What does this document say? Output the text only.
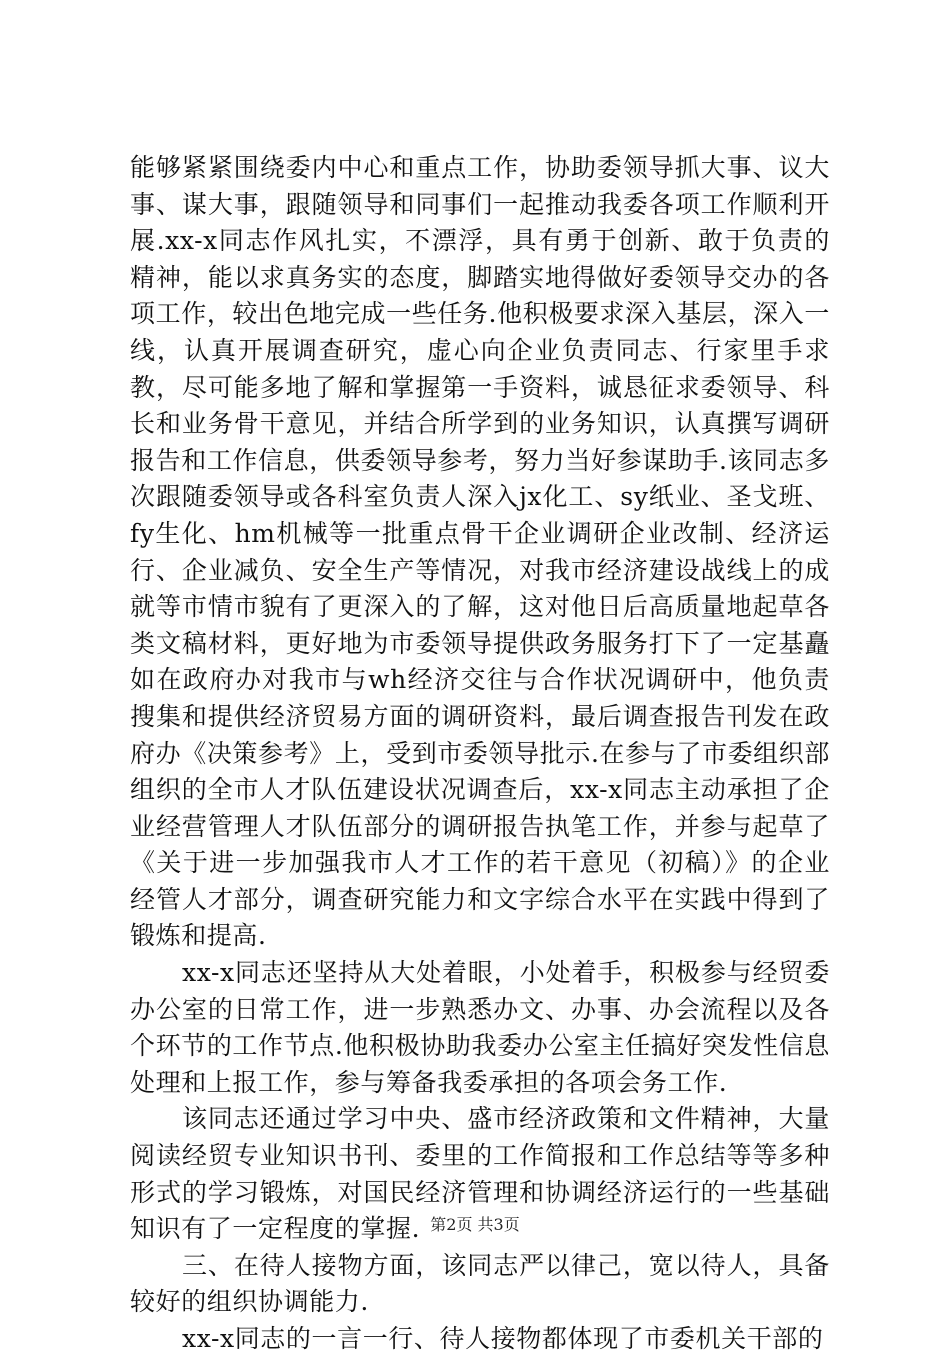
能够紧紧围绕委内中心和重点工作，协助委领导抓大事、议大事、谋大事，跟随领导和同事们一起推动我委各项工作顺利开展.xx-x同志作风扎实，不漂浮，具有勇于创新、敢于负责的精神，能以求真务实的态度，脚踏实地得做好委领导交办的各项工作，较出色地完成一些任务.他积极要求深入基层，深入一线，认真开展调查研究，虚心向企业负责同志、行家里手求教，尽可能多地了解和掌握第一手资料，诚恳征求委领导、科长和业务骨干意见，并结合所学到的业务知识，认真撰写调研报告和工作信息，供委领导参考，努力当好参谋助手.该同志多次跟随委领导或各科室负责人深入jx化工、sy纸业、圣戈班、fy生化、hm机械等一批重点骨干企业调研企业改制、经济运行、企业减负、安全生产等情况，对我市经济建设战线上的成就等市情市貌有了更深入的了解，这对他日后高质量地起草各类文稿材料，更好地为市委领导提供政务服务打下了一定基矗如在政府办对我市与wh经济交往与合作状况调研中，他负责搜集和提供经济贸易方面的调研资料，最后调查报告刊发在政府办《决策参考》上，受到市委领导批示.在参与了市委组织部组织的全市人才队伍建设状况调查后，xx-x同志主动承担了企业经营管理人才队伍部分的调研报告执笔工作，并参与起草了《关于进一步加强我市人才工作的若干意见（初稿）》的企业经管人才部分，调查研究能力和文字综合水平在实践中得到了锻炼和提高.

xx-x同志还坚持从大处着眼，小处着手，积极参与经贸委办公室的日常工作，进一步熟悉办文、办事、办会流程以及各个环节的工作节点.他积极协助我委办公室主任搞好突发性信息处理和上报工作，参与筹备我委承担的各项会务工作.

该同志还通过学习中央、盛市经济政策和文件精神，大量阅读经贸专业知识书刊、委里的工作简报和工作总结等等多种形式的学习锻炼，对国民经济管理和协调经济运行的一些基础知识有了一定程度的掌握.

三、在待人接物方面，该同志严以律己，宽以待人，具备较好的组织协调能力.

xx-x同志的一言一行、待人接物都体现了市委机关干部的

第2页 共3页
